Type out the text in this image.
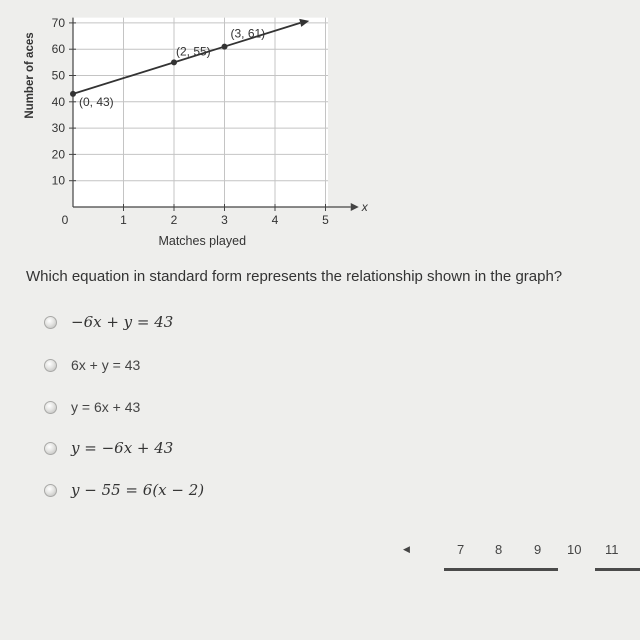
x
10
20
30
40
50
60
70
0	1	2	3	4	5
Matches played
Number of aces	(0, 43)
(2, 55)
(3, 61)
Which equation in standard form represents the relationship shown in the graph?
−6x + y = 43
6x + y = 43
y = 6x + 43
y = −6x + 43
y − 55 = 6(x − 2)
◀	7 8 9 10 11
